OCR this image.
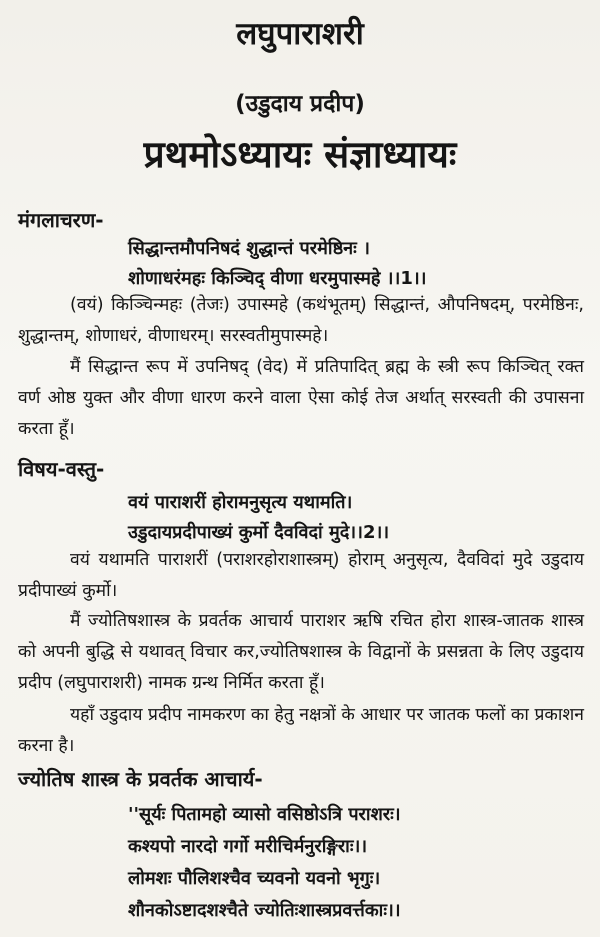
लघुपाराशरी
(उडुदाय प्रदीप)
प्रथमोऽध्यायः संज्ञाध्यायः
मंगलाचरण-
सिद्धान्तमौपनिषदं शुद्धान्तं परमेष्ठिनः ।
शोणाधरंमहः किञ्चिद् वीणा धरमुपास्महे ।।1।।
(वयं) किञ्चिन्महः (तेजः) उपास्महे (कथंभूतम्) सिद्धान्तं, औपनिषदम्, परमेष्ठिनः, शुद्धान्तम्, शोणाधरं, वीणाधरम्। सरस्वतीमुपास्महे।
मैं सिद्धान्त रूप में उपनिषद् (वेद) में प्रतिपादित् ब्रह्म के स्त्री रूप किञ्चित् रक्त वर्ण ओष्ठ युक्त और वीणा धारण करने वाला ऐसा कोई तेज अर्थात् सरस्वती की उपासना करता हूँ।
विषय-वस्तु-
वयं पाराशरीं होरामनुसृत्य यथामति।
उडुदायप्रदीपाख्यं कुर्मो दैवविदां मुदे।।2।।
वयं यथामति पाराशरीं (पराशरहोराशास्त्रम्) होराम् अनुसृत्य, दैवविदां मुदे उडुदाय प्रदीपाख्यं कुर्मो।
मैं ज्योतिषशास्त्र के प्रवर्तक आचार्य पाराशर ऋषि रचित होरा शास्त्र-जातक शास्त्र को अपनी बुद्धि से यथावत् विचार कर,ज्योतिषशास्त्र के विद्वानों के प्रसन्नता के लिए उडुदाय प्रदीप (लघुपाराशरी) नामक ग्रन्थ निर्मित करता हूँ।
यहाँ उडुदाय प्रदीप नामकरण का हेतु नक्षत्रों के आधार पर जातक फलों का प्रकाशन करना है।
ज्योतिष शास्त्र के प्रवर्तक आचार्य-
''सूर्यः पितामहो व्यासो वसिष्ठोऽत्रि पराशरः।
कश्यपो नारदो गर्गो मरीचिर्मनुरङ्गिराः।।
लोमशः पौलिशश्चैव च्यवनो यवनो भृगुः।
शौनकोऽष्टादशश्चैते ज्योतिःशास्त्रप्रवर्त्तकाः।।
